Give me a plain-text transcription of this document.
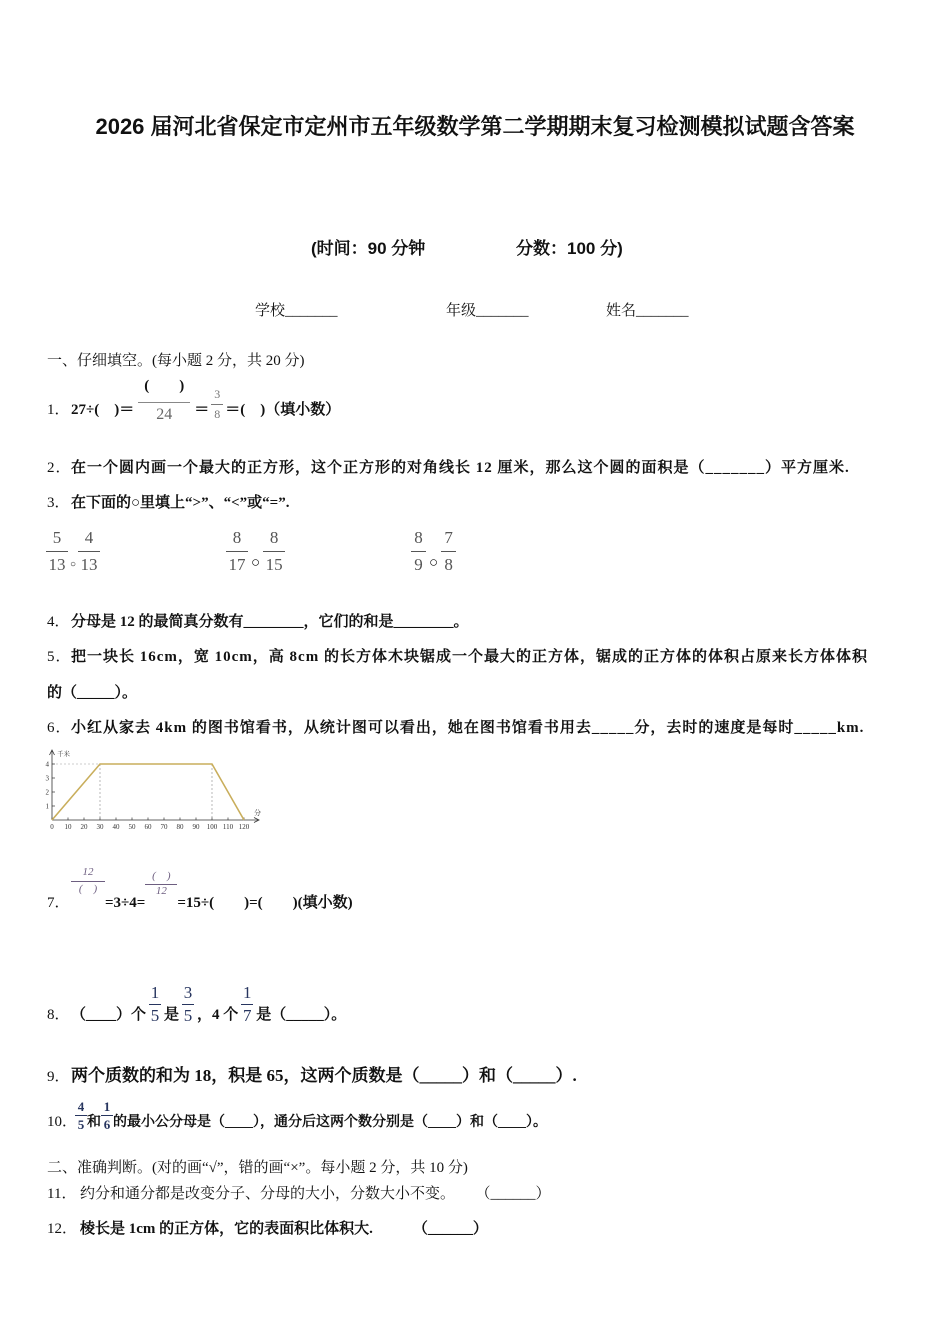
2026 届河北省保定市定州市五年级数学第二学期期末复习检测模拟试题含答案
(时间：90 分钟	分数：100 分)
学校_______	年级_______	姓名_______
一、仔细填空。(每小题 2 分，共 20 分)
1．27÷(　)＝
(　　)
24	＝ $\frac{3}{8}$ ＝(　)（填小数）
2．在一个圆内画一个最大的正方形，这个正方形的对角线长 12 厘米，那么这个圆的面积是（_______）平方厘米.
3．在下面的○里填上“>”、“<”或“=”.
$\frac{5}{13}$ ○ $\frac{4}{13}$	$\frac{8}{17}$ ○ $\frac{8}{15}$	$\frac{8}{9}$ ○ $\frac{7}{8}$
4．分母是 12 的最简真分数有________，它们的和是________。
5．把一块长 16cm，宽 10cm，高 8cm 的长方体木块锯成一个最大的正方体，锯成的正方体的体积占原来长方体体积
的（_____）。
6．小红从家去 4km 的图书馆看书，从统计图可以看出，她在图书馆看书用去_____分，去时的速度是每时_____km.
1
2
3
4
0 10 20 30 40 50 60 70 80 90 100 110 120
千米
分
7．
12
(　)
=3÷4=
(　)
12
=15÷(　　)=(　　)(填小数)
8．（____）个 $\frac{1}{5}$ 是 $\frac{3}{5}$ ，4 个 $\frac{1}{7}$ 是（_____）。
9．两个质数的和为 18，积是 65，这两个质数是（_____）和（_____）.
10．
$\frac{4}{5}$ 和 $\frac{1}{6}$ 的最小公分母是（____），通分后这两个数分别是（____）和（____）。
二、准确判断。(对的画“√”，错的画“×”。每小题 2 分，共 10 分)
11． 约分和通分都是改变分子、分母的大小，分数大小不变。 （______）
12． 棱长是 1cm 的正方体，它的表面积比体积大.	（______）
